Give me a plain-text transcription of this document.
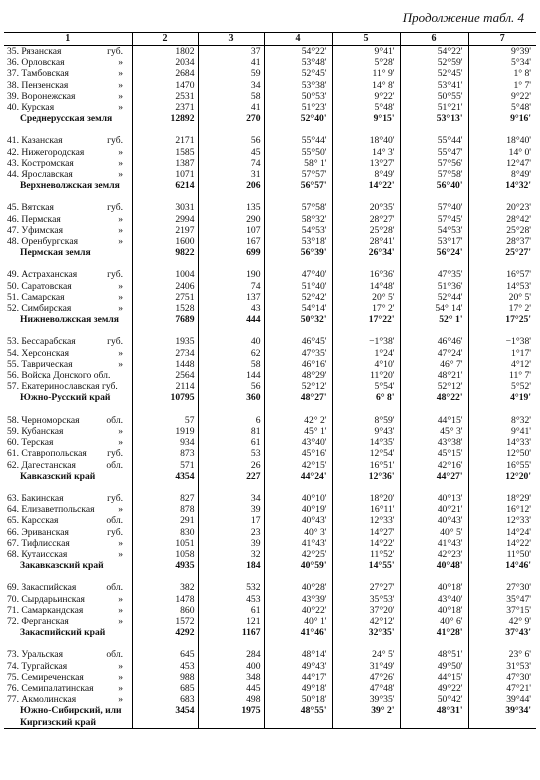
Продолжение табл. 4
1	2	3	4	5	6	7
35. Рязанская губ.	1802	37	54°22'	9°41'	54°22'	9°39'
36. Орловская »	2034	41	53°48'	5°28'	52°59'	5°34'
37. Тамбовская »	2684	59	52°45'	11° 9'	52°45'	1° 8'
38. Пензенская »	1470	34	53°38'	14° 8'	53°41'	1° 7'
39. Воронежская »	2531	58	50°53'	9°22'	50°55'	9°22'
40. Курская »	2371	41	51°23'	5°48'	51°21'	5°48'
Среднерусская земля	12892	270	52°40'	9°15'	53°13'	9°16'

41. Казанская губ.	2171	56	55°44'	18°40'	55°44'	18°40'
42. Нижегородская »	1585	45	55°50'	14° 3'	55°47'	14° 0'
43. Костромская »	1387	74	58° 1'	13°27'	57°56'	12°47'
44. Ярославская »	1071	31	57°57'	8°49'	57°58'	8°49'
Верхневолжская земля	6214	206	56°57'	14°22'	56°40'	14°32'

45. Вятская губ.	3031	135	57°58'	20°35'	57°40'	20°23'
46. Пермская »	2994	290	58°32'	28°27'	57°45'	28°42'
47. Уфимская »	2197	107	54°53'	25°28'	54°53'	25°28'
48. Оренбургская »	1600	167	53°18'	28°41'	53°17'	28°37'
Пермская земля	9822	699	56°39'	26°34'	56°24'	25°27'

49. Астраханская губ.	1004	190	47°40'	16°36'	47°35'	16°57'
50. Саратовская »	2406	74	51°40'	14°48'	51°36'	14°53'
51. Самарская »	2751	137	52°42'	20° 5'	52°44'	20° 5'
52. Симбирская »	1528	43	54°14'	17° 2'	54° 14'	17° 2'
Нижневолжская земля	7689	444	50°32'	17°22'	52° 1'	17°25'

53. Бессарабская губ.	1935	40	46°45'	−1°38'	46°46'	−1°38'
54. Херсонская »	2734	62	47°35'	1°24'	47°24'	1°17'
55. Таврическая »	1448	58	46°16'	4°10'	46° 7'	4°12'
56. Войска Донского обл.	2564	144	48°29'	11°20'	48°21'	11° 7'
57. Екатеринославская губ.	2114	56	52°12'	5°54'	52°12'	5°52'
Южно-Русский край	10795	360	48°27'	6° 8'	48°22'	4°19'

58. Черноморская обл.	57	6	42° 2'	8°59'	44°15'	8°32'
59. Кубанская »	1919	81	45° 1'	9°43'	45° 3'	9°41'
60. Терская »	934	61	43°40'	14°35'	43°38'	14°33'
61. Ставропольская губ.	873	53	45°16'	12°54'	45°15'	12°50'
62. Дагестанская обл.	571	26	42°15'	16°51'	42°16'	16°55'
Кавказский край	4354	227	44°24'	12°36'	44°27'	12°20'

63. Бакинская губ.	827	34	40°10'	18°20'	40°13'	18°29'
64. Елизаветпольская »	878	39	40°19'	16°11'	40°21'	16°12'
65. Карсская обл.	291	17	40°43'	12°33'	40°43'	12°33'
66. Эриванская губ.	830	23	40° 3'	14°27'	40° 5'	14°24'
67. Тифлисская »	1051	39	41°43'	14°22'	41°43'	14°22'
68. Кутаисская »	1058	32	42°25'	11°52'	42°23'	11°50'
Закавказский край	4935	184	40°59'	14°55'	40°48'	14°46'

69. Закаспийская обл.	382	532	40°28'	27°27'	40°18'	27°30'
70. Сырдарьинская »	1478	453	43°39'	35°53'	43°40'	35°47'
71. Самаркандская »	860	61	40°22'	37°20'	40°18'	37°15'
72. Ферганская »	1572	121	40° 1'	42°12'	40° 6'	42° 9'
Закаспийский край	4292	1167	41°46'	32°35'	41°28'	37°43'

73. Уральская обл.	645	284	48°14'	24° 5'	48°51'	23° 6'
74. Тургайская »	453	400	49°43'	31°49'	49°50'	31°53'
75. Семиреченская »	988	348	44°17'	47°26'	44°15'	47°30'
76. Семипалатинская »	685	445	49°18'	47°48'	49°22'	47°21'
77. Акмолинская »	683	498	50°18'	39°35'	50°42'	39°44'
Южно-Сибирский, или	3454	1975	48°55'	39° 2'	48°31'	39°34'
Киргизский край						
